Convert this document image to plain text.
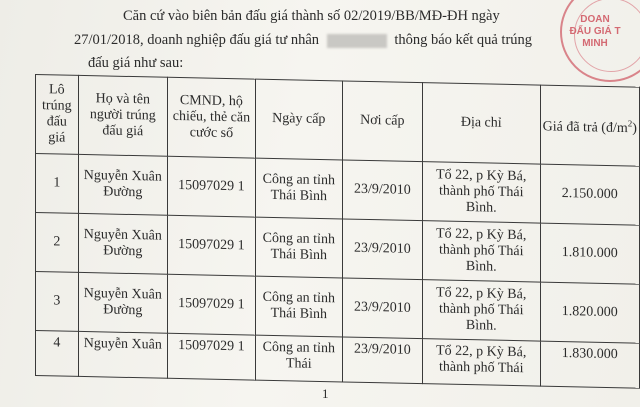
Căn cứ vào biên bản đấu giá thành số 02/2019/BB/MĐ-ĐH ngày
27/01/2018, doanh nghiệp đấu giá tư nhân	thông báo kết quả trúng
đấu giá như sau:
DOAN
ĐẤU GIÁ T
MINH
Lô trúng đấu giá	Họ và tên người trúng đấu giá	CMND, hộ chiếu, thẻ căn cước số	Ngày cấp	Nơi cấp	Địa chỉ	Giá đã trả $(đ/m^2)$
1	Nguyễn Xuân Đường	15097029 1	Công an tỉnh Thái Bình	23/9/2010	Tổ 22, p Kỳ Bá, thành phố Thái Bình.	2.150.000
2	Nguyễn Xuân Đường	15097029 1	Công an tỉnh Thái Bình	23/9/2010	Tổ 22, p Kỳ Bá, thành phố Thái Bình.	1.810.000
3	Nguyễn Xuân Đường	15097029 1	Công an tỉnh Thái Bình	23/9/2010	Tổ 22, p Kỳ Bá, thành phố Thái Bình.	1.820.000
4	Nguyễn Xuân	15097029 1	Công an tỉnh Thái	23/9/2010	Tổ 22, p Kỳ Bá, thành phố Thái	1.830.000
1
